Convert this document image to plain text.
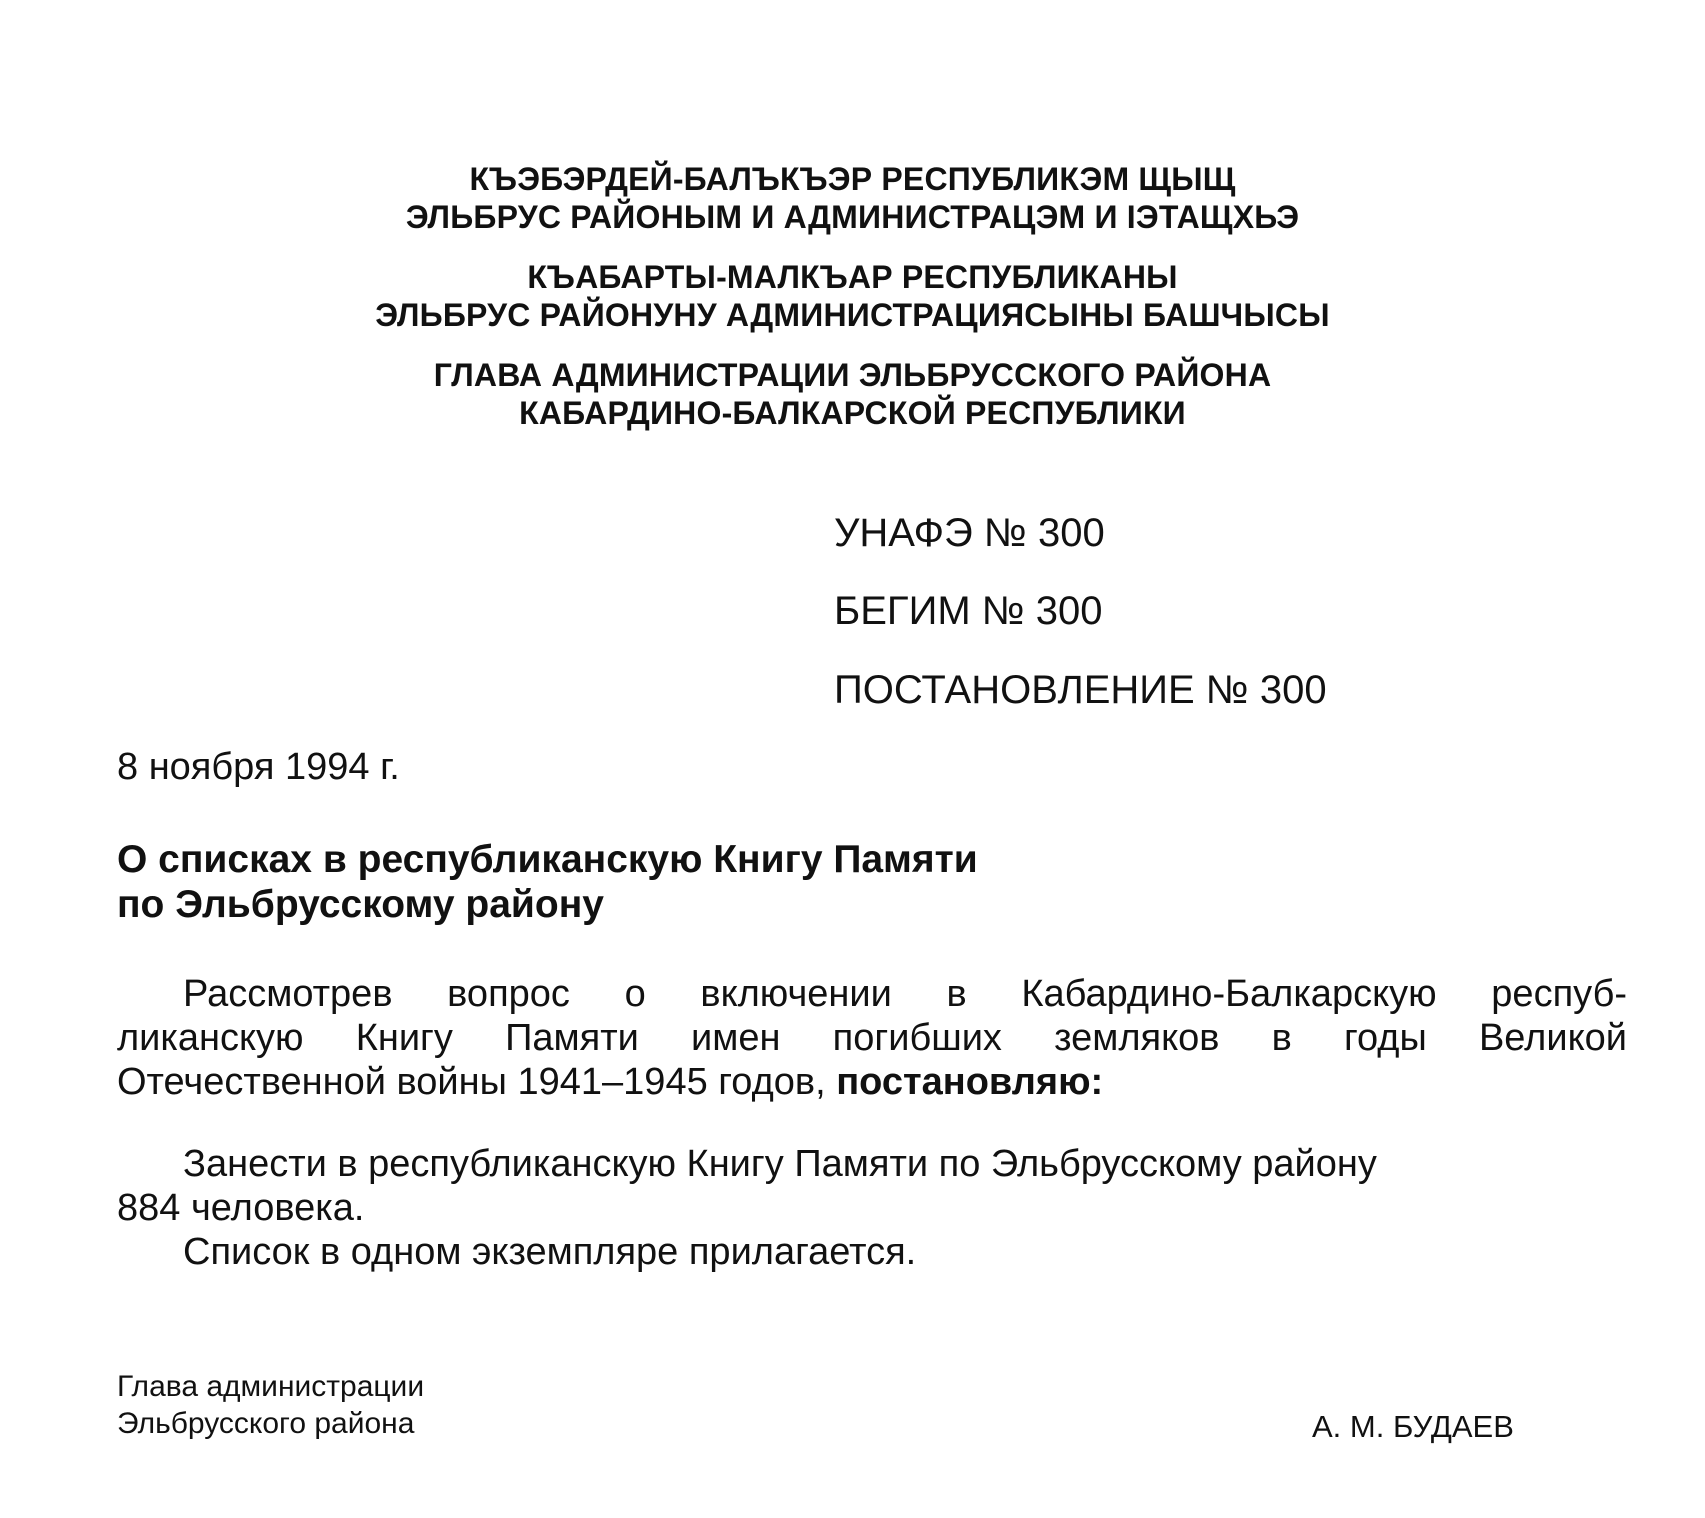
КЪЭБЭРДЕЙ-БАЛЪКЪЭР РЕСПУБЛИКЭМ ЩЫЩ
ЭЛЬБРУС РАЙОНЫМ И АДМИНИСТРАЦЭМ И IЭТАЩХЬЭ
КЪАБАРТЫ-МАЛКЪАР РЕСПУБЛИКАНЫ
ЭЛЬБРУС РАЙОНУНУ АДМИНИСТРАЦИЯСЫНЫ БАШЧЫСЫ
ГЛАВА АДМИНИСТРАЦИИ ЭЛЬБРУССКОГО РАЙОНА
КАБАРДИНО-БАЛКАРСКОЙ РЕСПУБЛИКИ
УНАФЭ № 300
БЕГИМ № 300
ПОСТАНОВЛЕНИЕ № 300
8 ноября 1994 г.
О списках в республиканскую Книгу Памяти
по Эльбрусскому району
Рассмотрев вопрос о включении в Кабардино-Балкарскую респуб-
ликанскую Книгу Памяти имен погибших земляков в годы Великой
Отечественной войны 1941–1945 годов, постановляю:
Занести в республиканскую Книгу Памяти по Эльбрусскому району
884 человека.
Список в одном экземпляре прилагается.
Глава администрации
Эльбрусского района	А. М. БУДАЕВ
